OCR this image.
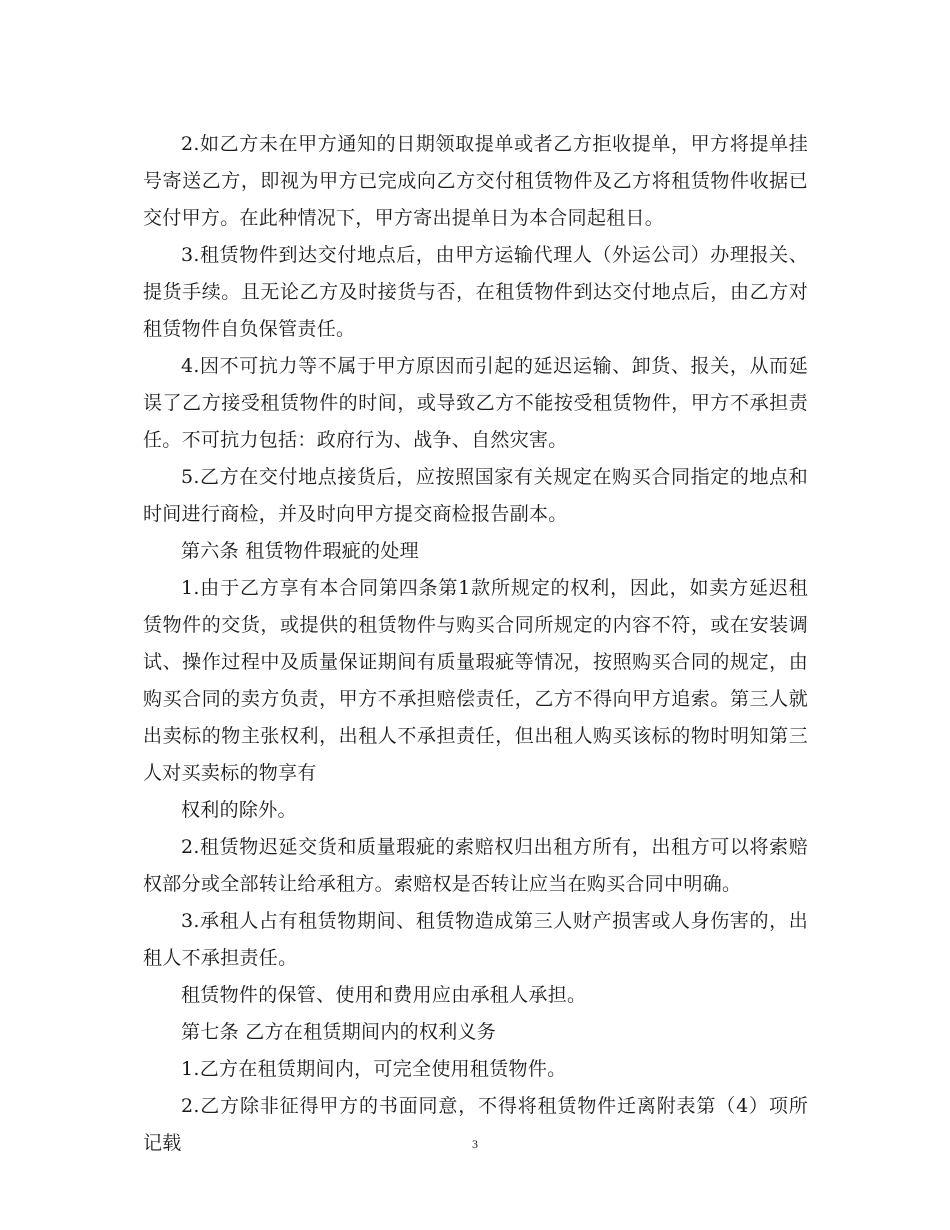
2.如乙方未在甲方通知的日期领取提单或者乙方拒收提单，甲方将提单挂号寄送乙方，即视为甲方已完成向乙方交付租赁物件及乙方将租赁物件收据已交付甲方。在此种情况下，甲方寄出提单日为本合同起租日。

3.租赁物件到达交付地点后，由甲方运输代理人（外运公司）办理报关、提货手续。且无论乙方及时接货与否，在租赁物件到达交付地点后，由乙方对租赁物件自负保管责任。

4.因不可抗力等不属于甲方原因而引起的延迟运输、卸货、报关，从而延误了乙方接受租赁物件的时间，或导致乙方不能按受租赁物件，甲方不承担责任。不可抗力包括：政府行为、战争、自然灾害。

5.乙方在交付地点接货后，应按照国家有关规定在购买合同指定的地点和时间进行商检，并及时向甲方提交商检报告副本。

第六条 租赁物件瑕疵的处理

1.由于乙方享有本合同第四条第1款所规定的权利，因此，如卖方延迟租赁物件的交货，或提供的租赁物件与购买合同所规定的内容不符，或在安装调试、操作过程中及质量保证期间有质量瑕疵等情况，按照购买合同的规定，由购买合同的卖方负责，甲方不承担赔偿责任，乙方不得向甲方追索。第三人就出卖标的物主张权利，出租人不承担责任，但出租人购买该标的物时明知第三人对买卖标的物享有

权利的除外。

2.租赁物迟延交货和质量瑕疵的索赔权归出租方所有，出租方可以将索赔权部分或全部转让给承租方。索赔权是否转让应当在购买合同中明确。

3.承租人占有租赁物期间、租赁物造成第三人财产损害或人身伤害的，出租人不承担责任。

租赁物件的保管、使用和费用应由承租人承担。

第七条 乙方在租赁期间内的权利义务

1.乙方在租赁期间内，可完全使用租赁物件。

2.乙方除非征得甲方的书面同意，不得将租赁物件迁离附表第（4）项所记载	3
